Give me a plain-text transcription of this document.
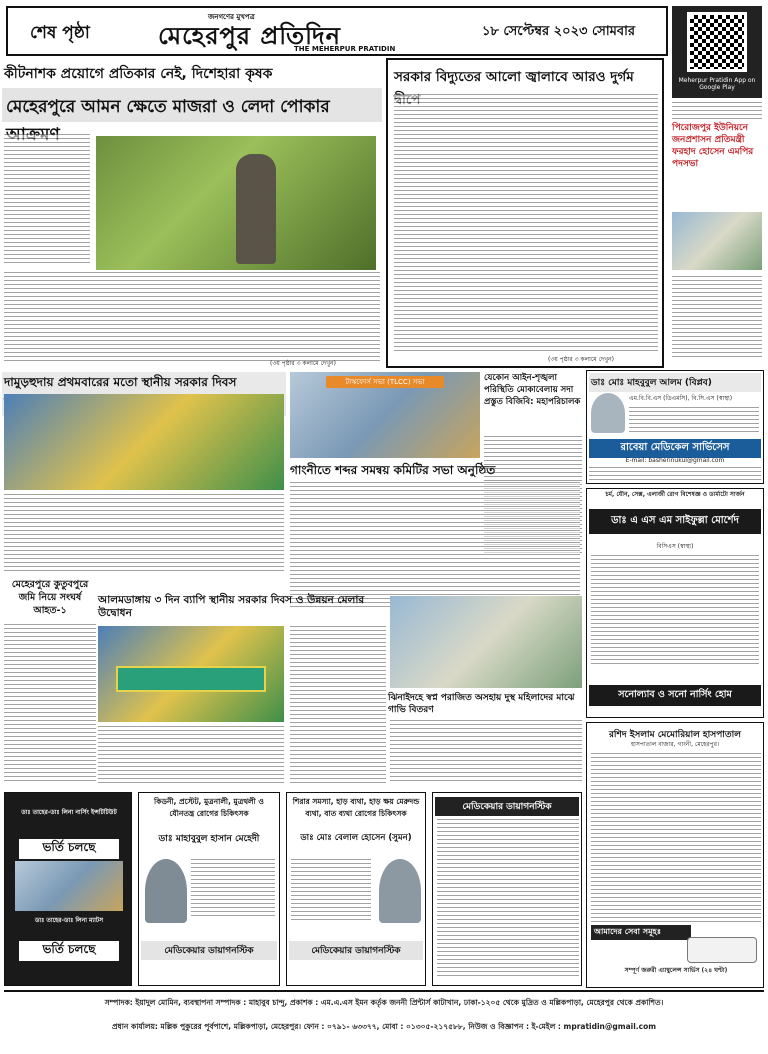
শেষ পৃষ্ঠা
জনগণের মুখপত্র
মেহেরপুর প্রতিদিন
THE MEHERPUR PRATIDIN
১৮ সেপ্টেম্বর ২০২৩ সোমবার
Meherpur Pratidin App on Google Play
কীটনাশক প্রয়োগে প্রতিকার নেই, দিশেহারা কৃষক
মেহেরপুরে আমন ক্ষেতে মাজরা ও লেদা পোকার
(৩য় পৃষ্ঠার ৩ কলামে দেখুন)
সরকার বিদ্যুতের আলো জ্বালাবে আরও দুর্গম
(৩য় পৃষ্ঠার ৩ কলামে দেখুন)
পিরোজপুর ইউনিয়নে জনপ্রশাসন প্রতিমন্ত্রী ফরহাদ হোসেন এমপির পদসভা
দামুড়হুদায় প্রথমবারের মতো স্থানীয় সরকার দিবস	টাস্কফোর্স সভা (TLCC) সভা	যেকোন আইন-শৃঙ্খলা পরিস্থিতি মোকাবেলায় সদা প্রস্তুত বিজিবি: মহাপরিচালক
ডাঃ মোঃ মাহবুবুল আলম (বিপ্লব)
এম.বি.বি.এস (ডিএমসি), বি.সি.এস (স্বাস্থ্য)
রাবেয়া মেডিকেল সার্ভিসেস
E-mail: basherinukul@gmail.com
গাংনীতে শব্দর সমন্বয় কমিটির সভা অনুষ্ঠিত
মেহেরপুরে কুতুবপুরে জমি নিয়ে সংঘর্ষ আহত-১
চর্ম, যৌন, সেক্স, এলার্জী রোগ বিশেষজ্ঞ ও ডার্মাটো সার্জন
ডাঃ এ এস এম সাইফুল্লা মোর্শেদ
বিসিএস (স্বাস্থ্য)
সনোল্যাব ও সনো নার্সিং হোম
আলমডাঙ্গায় ৩ দিন ব্যাপি স্থানীয় সরকার দিবস ও উন্নয়ন মেলার উদ্বোধন
ঝিনাইদহে স্বপ্ন পরাজিত অসহায় দুস্থ মহিলাদের মাঝে গাভি বিতরণ
রশিদ ইসলাম মেমোরিয়াল হাসপাতাল
হাসপাতাল বাজার, গাংনী, মেহেরপুর।
আমাদের সেবা সমূহঃ
সম্পূর্ণ জরুরী এ্যাম্বুলেন্স সার্ভিস (২৪ ঘণ্টা)
ডাঃ তাহের-ডাঃ লিনা নার্সিং ইন্সটিটিউট
ভর্তি চলছে
ডাঃ তাহের-ডাঃ লিনা ম্যাটস
ভর্তি চলছে
কিডনী, প্রস্টেট, মুত্রনালী, মুত্রথলী ও যৌনতন্ত্র রোগের চিকিৎসক
ডাঃ মাহাবুবুল হাসান মেহেদী
মেডিকেয়ার ডায়াগনস্টিক
শিরার সমস্যা, হাড় ব্যথা, হাড় ক্ষয় মেরুদন্ড ব্যথা, বাত ব্যথা রোগের চিকিৎসক
ডাঃ মোঃ বেলাল হোসেন (সুমন)
মেডিকেয়ার ডায়াগনস্টিক
মেডিকেয়ার ডায়াগনস্টিক
সম্পাদক: ইয়াদুল মোমিন, ব্যবস্থাপনা সম্পাদক : মাহাবুব চান্দু, প্রকাশক : এম.এ.এস ইমন কর্তৃক জননী প্রিন্টার্স কাটাখান, ঢাকা-১২০৫ থেকে মুদ্রিত ও মল্লিকপাড়া, মেহেরপুর থেকে প্রকাশিত।
প্রধান কার্যালয়: মল্লিক পুকুরের পূর্বপাশে, মল্লিকপাড়া, মেহেরপুর। ফোন : ০৭৯১- ৬৩৩৭৭, মোবা : ০১৩০৫-২১৭৫৮৮, নিউজ ও বিজ্ঞাপন : ই-মেইল : mpratidin@gmail.com
